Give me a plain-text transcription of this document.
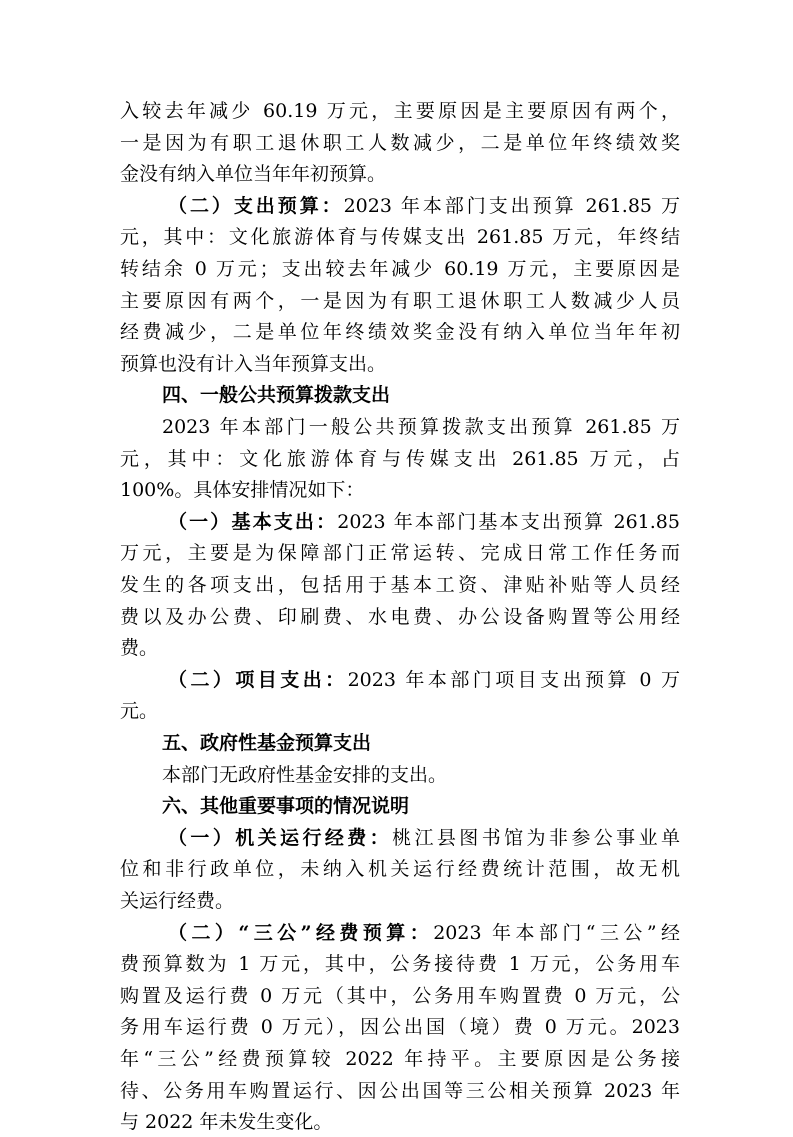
入较去年减少 60.19 万元，主要原因是主要原因有两个，
一是因为有职工退休职工人数减少，二是单位年终绩效奖
金没有纳入单位当年年初预算。
（二）支出预算：2023 年本部门支出预算 261.85 万
元，其中：文化旅游体育与传媒支出 261.85 万元，年终结
转结余 0 万元；支出较去年减少 60.19 万元，主要原因是
主要原因有两个，一是因为有职工退休职工人数减少人员
经费减少，二是单位年终绩效奖金没有纳入单位当年年初
预算也没有计入当年预算支出。
四、一般公共预算拨款支出
2023 年本部门一般公共预算拨款支出预算 261.85 万
元，其中：文化旅游体育与传媒支出 261.85 万元，占
100%。具体安排情况如下：
（一）基本支出：2023 年本部门基本支出预算 261.85
万元，主要是为保障部门正常运转、完成日常工作任务而
发生的各项支出，包括用于基本工资、津贴补贴等人员经
费以及办公费、印刷费、水电费、办公设备购置等公用经
费。
（二）项目支出：2023 年本部门项目支出预算 0 万
元。
五、政府性基金预算支出
本部门无政府性基金安排的支出。
六、其他重要事项的情况说明
（一）机关运行经费：桃江县图书馆为非参公事业单
位和非行政单位，未纳入机关运行经费统计范围，故无机
关运行经费。
（二）“三公”经费预算：2023 年本部门“三公”经
费预算数为 1 万元，其中，公务接待费 1 万元，公务用车
购置及运行费 0 万元（其中，公务用车购置费 0 万元，公
务用车运行费 0 万元），因公出国（境）费 0 万元。2023
年“三公”经费预算较 2022 年持平。主要原因是公务接
待、公务用车购置运行、因公出国等三公相关预算 2023 年
与 2022 年未发生变化。
